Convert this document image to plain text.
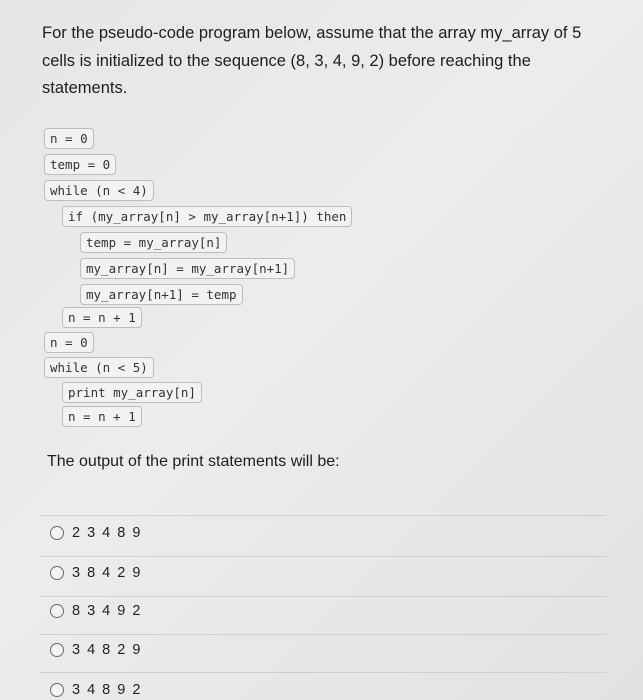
For the pseudo-code program below, assume that the array my_array of 5
cells is initialized to the sequence (8, 3, 4, 9, 2) before reaching the
statements.
n = 0
temp = 0
while (n < 4)
if (my_array[n] > my_array[n+1]) then
temp = my_array[n]
my_array[n] = my_array[n+1]
my_array[n+1] = temp
n = n + 1
n = 0
while (n < 5)
print my_array[n]
n = n + 1
The output of the print statements will be:
2 3 4 8 9
3 8 4 2 9
8 3 4 9 2
3 4 8 2 9
3 4 8 9 2
